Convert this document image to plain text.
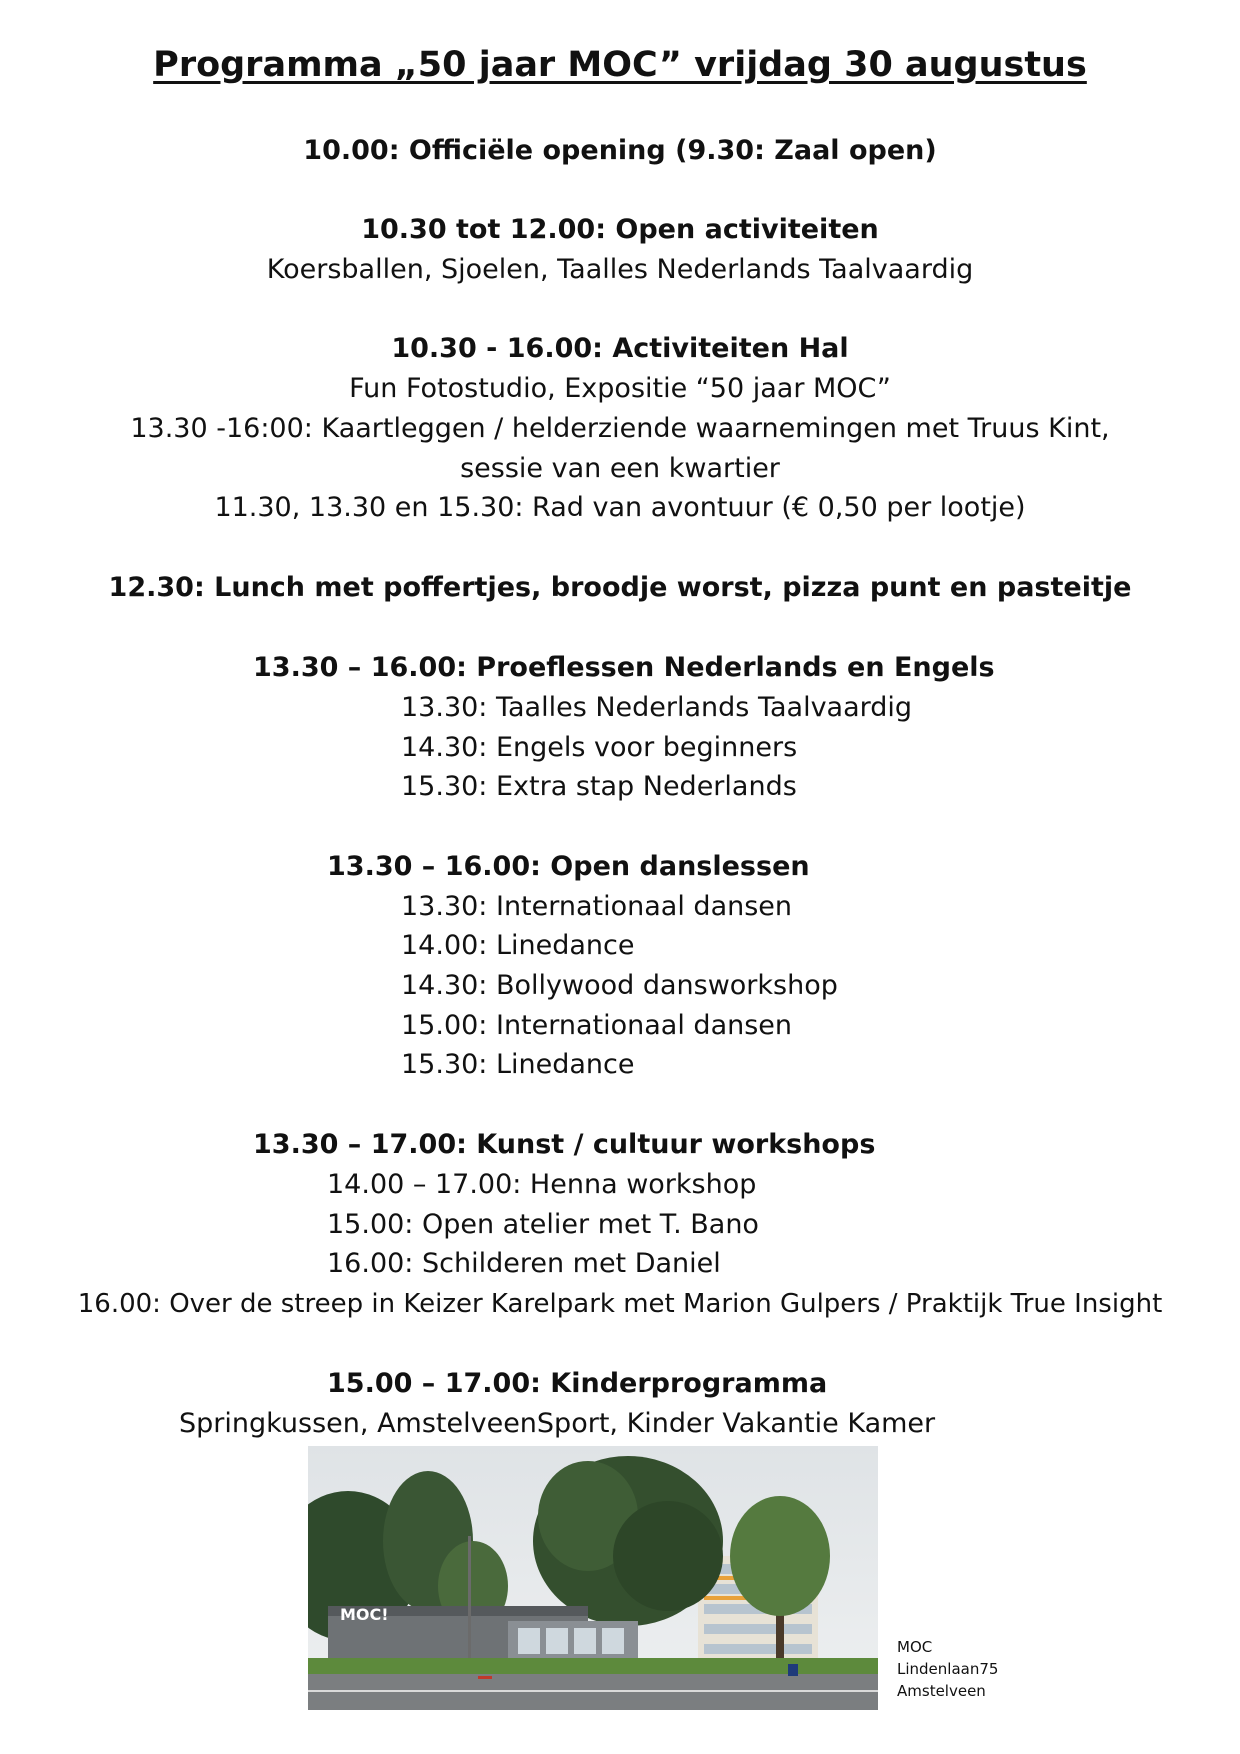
Programma „50 jaar MOC” vrijdag 30 augustus
10.00: Officiële opening (9.30: Zaal open)
10.30 tot 12.00: Open activiteiten
Koersballen, Sjoelen, Taalles Nederlands Taalvaardig
10.30 - 16.00: Activiteiten Hal
Fun Fotostudio, Expositie “50 jaar MOC”
13.30 -16:00: Kaartleggen / helderziende waarnemingen met Truus Kint,
sessie van een kwartier
11.30, 13.30 en 15.30: Rad van avontuur (€ 0,50 per lootje)
12.30: Lunch met poffertjes, broodje worst, pizza punt en pasteitje
13.30 – 16.00: Proeflessen Nederlands en Engels
13.30: Taalles Nederlands Taalvaardig
14.30: Engels voor beginners
15.30: Extra stap Nederlands
13.30 – 16.00: Open danslessen
13.30: Internationaal dansen
14.00: Linedance
14.30: Bollywood dansworkshop
15.00: Internationaal dansen
15.30: Linedance
13.30 – 17.00: Kunst / cultuur workshops
14.00 – 17.00: Henna workshop
15.00: Open atelier met T. Bano
16.00: Schilderen met Daniel
16.00: Over de streep in Keizer Karelpark met Marion Gulpers / Praktijk True Insight
15.00 – 17.00: Kinderprogramma
Springkussen, AmstelveenSport, Kinder Vakantie Kamer
MOC!
MOC
Lindenlaan75
Amstelveen
